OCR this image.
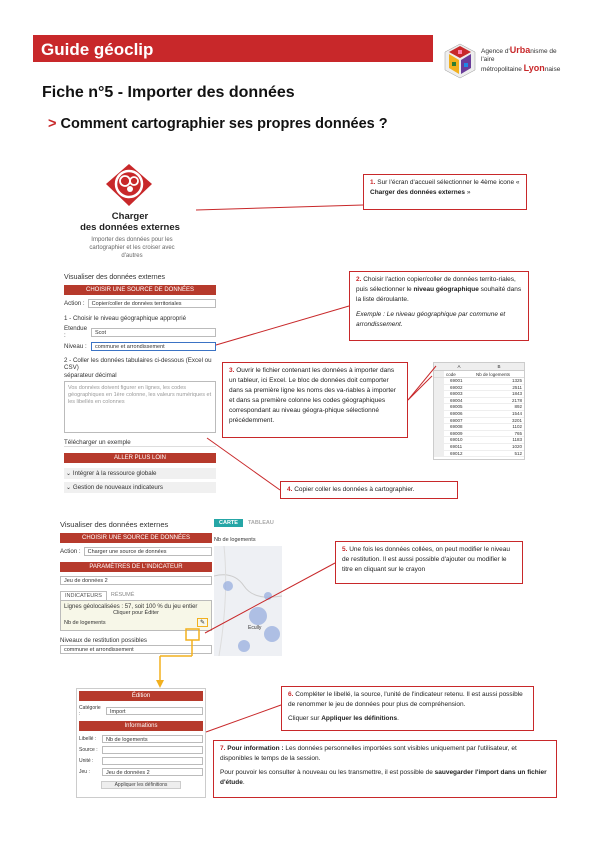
Guide géoclip	Agence d'Urbanisme de l'aire
métropolitaine Lyonnaise
Fiche n°5 - Importer des données
> Comment cartographier ses propres données ?
Charger
des données externes
Importer des données pour les cartographier et les croiser avec d'autres
Visualiser des données externes
CHOISIR UNE SOURCE DE DONNÉES
Action :	Copier/coller de données territoriales
1 - Choisir le niveau géographique approprié
Etendue :	Scot
Niveau :	commune et arrondissement
2 - Coller les données tabulaires ci-dessous (Excel ou CSV)
séparateur décimal
Vos données doivent figurer en lignes, les codes géographiques en 1ère colonne, les valeurs numériques et les libellés en colonnes
Télécharger un exemple
ALLER PLUS LOIN
⌄ Intégrer à la ressource globale
⌄ Gestion de nouveaux indicateurs
A	B
code	Nb de logements
69001	1325
69002	2511
69003	1843
69004	2178
69005	892
69006	1544
69007	3201
69008	1102
69009	765
69010	1183
69011	1020
69012	512
Visualiser des données externes
CHOISIR UNE SOURCE DE DONNÉES
Action :	Charger une source de données
PARAMÈTRES DE L'INDICATEUR
Jeu de données 2
INDICATEURS	RÉSUMÉ
Lignes géolocalisées : 57, soit 100 % du jeu entier
Cliquer pour Éditer
Nb de logements	✎
Niveaux de restitution possibles
commune et arrondissement
CARTE	TABLEAU
Nb de logements
Ecully
Édition
Catégorie :	Import
Informations
Libellé :	Nb de logements
Source :
Unité :
Jeu :	Jeu de données 2
Appliquer les définitions
1. Sur l'écran d'accueil sélectionner le 4ème icone « Charger des données externes »
2. Choisir l'action copier/coller de données territo-riales, puis sélectionner le niveau géographique souhaité dans la liste déroulante.
Exemple : Le niveau géographique par commune et arrondissement.
3. Ouvrir le fichier contenant les données à importer dans un tableur, ici Excel. Le bloc de données doit comporter dans sa première ligne les noms des va-riables à importer et dans sa première colonne les codes géographiques correspondant au niveau géogra-phique sélectionné précédemment.
4. Copier coller les données à cartographier.
5. Une fois les données collées, on peut modifier le niveau de restitution. Il est aussi possible d'ajouter ou modifier le titre en cliquant sur le crayon
6. Compléter le libellé, la source, l'unité de l'indicateur retenu. Il est aussi possible de renommer le jeu de données pour plus de compréhension.
Cliquer sur Appliquer les définitions.
7. Pour information : Les données personnelles importées sont visibles uniquement par l'utilisateur, et disponibles le temps de la session.
Pour pouvoir les consulter à nouveau ou les transmettre, il est possible de sauvegarder l'import dans un fichier d'étude.
